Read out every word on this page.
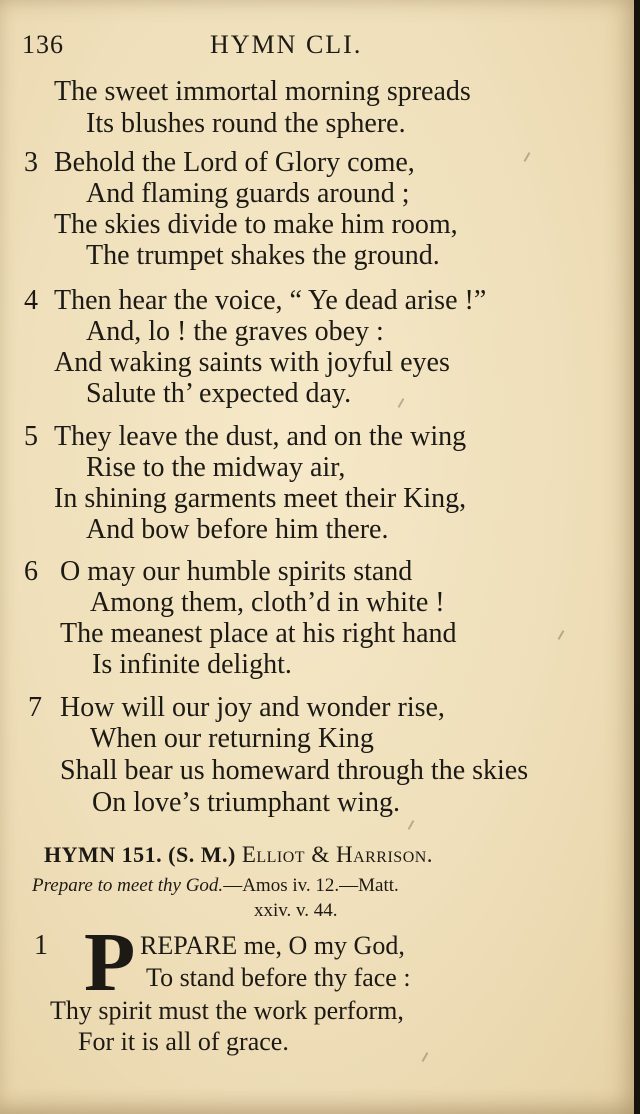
136	HYMN CLI.
The sweet immortal morning spreads
Its blushes round the sphere.
3 Behold the Lord of Glory come,
And flaming guards around ;
The skies divide to make him room,
The trumpet shakes the ground.
4 Then hear the voice, “ Ye dead arise !”
And, lo ! the graves obey :
And waking saints with joyful eyes
Salute th’ expected day.
5 They leave the dust, and on the wing
Rise to the midway air,
In shining garments meet their King,
And bow before him there.
6 O may our humble spirits stand
Among them, cloth’d in white !
The meanest place at his right hand
Is infinite delight.
7 How will our joy and wonder rise,
When our returning King
Shall bear us homeward through the skies
On love’s triumphant wing.
HYMN 151. (S. M.) Elliot & Harrison.
Prepare to meet thy God.—Amos iv. 12.—Matt.
xxiv. v. 44.
1 P REPARE me, O my God,
To stand before thy face :
Thy spirit must the work perform,
For it is all of grace.
